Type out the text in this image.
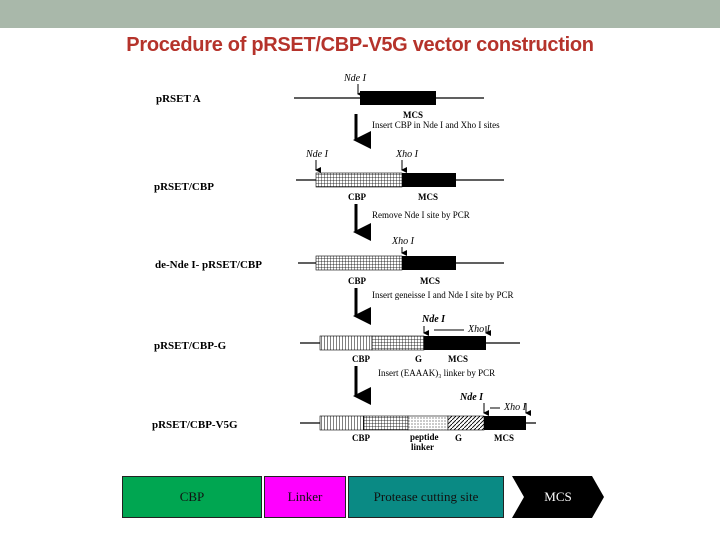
Procedure of pRSET/CBP-V5G vector construction
pRSET A
Nde I
MCS
Insert CBP in Nde I and Xho I sites
pRSET/CBP
Nde I	Xho I
CBP	MCS
Remove Nde I site by PCR
de-Nde I- pRSET/CBP
Xho I
CBP	MCS
Insert geneisse I and Nde I site by PCR
pRSET/CBP-G
Nde I
Xho I
CBP	G	MCS
Insert (EAAAK)₃ linker by PCR
pRSET/CBP-V5G
Nde I
Xho I
CBP	peptide
linker
G	MCS
CBP	Linker	Protease cutting site	MCS
